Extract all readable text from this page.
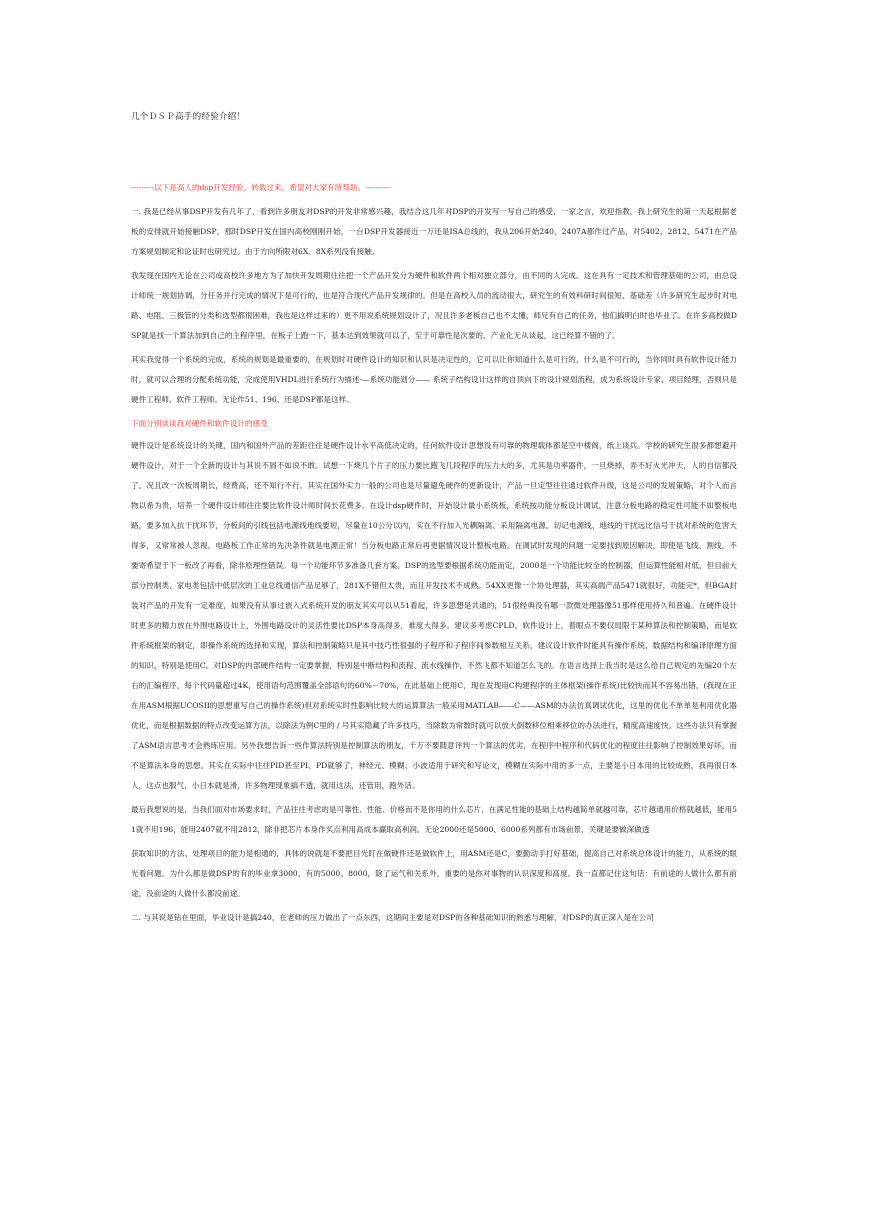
几个ＤＳＰ高手的经验介绍！

---------以下是高人的dsp开发经验，转载过来，希望对大家有所帮助。----------

一. 我是已经从事DSP开发有几年了，看到许多朋友对DSP的开发非常感兴趣，我结合这几年对DSP的开发写一写自己的感受，一家之言，欢迎指教。我上研究生的第一天起根据老板的安排就开始接触DSP，那时DSP开发在国内高校刚刚开始，一台DSP开发器接近一万还是ISA总线的，我从206开始240、2407A都作过产品，对5402、2812、5471在产品方案规划制定和论证时也研究过。由于方向所限对6X、8X系列没有接触。

我发现在国内无论在公司或高校许多地方为了加快开发周期往往把一个产品开发分为硬件和软件两个相对独立部分，由不同的人完成。这在具有一定技术和管理基础的公司，由总设计师统一规划协调，分任务并行完成的情况下是可行的，也是符合现代产品开发规律的。但是在高校人员的流动很大，研究生的有效科研时间很短、基础差（许多研究生起步时对电路、电阻、三极管的分类和选型都很困难，我也是这样过来的）更不用说系统规划设计了，况且许多老板自己也不太懂，师兄有自己的任务，他们搞明白时也毕业了。在许多高校做DSP就是找一个算法加到自己的主程序里，在板子上跑一下，基本达到效果就可以了，至于可靠性是次要的，产业化无从谈起，这已经算不错的了。

其实我觉得一个系统的完成，系统的规划是最重要的，在规划时对硬件设计的知识和认识是决定性的，它可以让你知道什么是可行的，什么是不可行的，当你同时具有软件设计能力时，就可以合理的分配系统功能，完成使用VHDL进行系统行为描述-—系统功能划分—— 系统子结构设计这样的自顶向下的设计规划流程，成为系统设计专家、项目经理，否则只是硬件工程师、软件工程师。无论作51、196、还是DSP都是这样。

下面分别谈谈我对硬件和软件设计的感受

硬件设计是系统设计的关键，国内和国外产品的差距往往是硬件设计水平高低决定的，任何软件设计思想没有可靠的物理载体都是空中楼阁，纸上谈兵。学校的研究生很多都想避开硬件设计，对于一个全新的设计与其说不屑不如说不敢。试想一下烧几个片子的压力要比跑飞几段程序的压力大的多，尤其是功率器件，一旦烧掉，弄不好火光冲天，人的自信都没了。况且改一次板周期长，经费高，还不知行不行。其实在国外实力一般的公司也是尽量避免硬件的更新设计，产品一旦定型往往通过软件升级，这是公司的发展策略，对个人而言物以希为贵，培养一个硬件设计师往往要比软件设计师时间长花费多。在设计dsp硬件时，开始设计最小系统板，系统按功能分板设计调试，注意分板电路的稳定性可能不如整板电路，要多加入抗干扰环节，分板间的引线包括电源线地线要短，尽量在10公分以内，实在不行加入光耦隔离、采用隔离电源。切记电源线、地线的干扰远比信号干扰对系统的危害大得多，又常常被人忽视。电路板工作正常的先决条件就是电源正常！当分板电路正常后再更据情况设计整板电路。在调试时发现的问题一定要找到原因解决，即使是飞线，割线，不要寄希望于下一板改了再看，除非原理性错误。每一个功能环节多准备几套方案。DSP的选型要根据系统功能而定，2000是一个功能比较全的控制器，但运算性能相对低，但目前大部分控制类、家电类包括中低层次的工业总线通信产品足够了，281X不错但太贵，而且开发技术不成熟。54XX更像一个协处理器，其实高端产品5471就很好，功能完*，但BGA封装对产品的开发有一定难度，如果没有从事过嵌入式系统开发的朋友其实可以从51看起，许多思想是共通的，51很经典没有哪一款微处理器像51那样使用持久和普遍。在硬件设计时更多的精力放在外围电路设计上，外围电路设计的灵活性要比DSP本身高得多，难度大得多。建议多考虑CPLD。软件设计上，着眼点不要仅局限于某种算法和控制策略，而是软件系统框架的制定，即操作系统的选择和实现，算法和控制策略只是其中技巧性很强的子程序和子程序间参数相互关系，建议设计软件时能具有操作系统、数据结构和编译原理方面的知识，特别是使用C。对DSP的内部硬件结构一定要掌握，特别是中断结构和流程、流水线操作，不然飞都不知道怎么飞的。在语言选择上我当时是这么给自己规定的先编20个左右的汇编程序，每个代码量超过4K，使用语句范围覆盖全部语句的60%－70%，在此基础上使用C，现在发现用C构建程序的主体框架(操作系统)比较快而其不容易出错，(我现在正在用ASM根据UCOSII的思想重写自己的操作系统)但对系统实时性影响比较大的运算算法一般采用MATLAB——C——ASM的办法仿真调试优化，这里的优化不单单是利用优化器优化，而是根据数据的特点改变运算方法，以除法为例C里的 / 号其实隐藏了许多技巧，当除数为常数时就可以放大倒数移位相乘移位的办法进行，精度高速度快。这些办法只有掌握了ASM语言思考才会熟练应用。另外我想告诉一些作算法特别是控制算法的朋友，千万不要随意评判一个算法的优劣，在程序中程序和代码优化的程度往往影响了控制效果好坏，而不是算法本身的思想。其实在实际中往往PID甚至PI、PD就够了，神经元、模糊、小波适用于研究和写论文，模糊在实际中用的多一点，主要是小日本用的比较成熟，我再很日本人，这点也服气，小日本就是滑，许多物理现象搞不透，就用这法，还管用，跑外话。

最后我想说的是，当我们面对市场要求时，产品往往考虑的是可靠性、性能、价格而不是你用的什么芯片，在满足性能的基础上结构越简单就越可靠，芯片越通用价格就越低，能用51就不用196，能用2407就不用2812，除非把芯片本身作买点利用高成本赢取高利润。无论2000还是5000、6000系列都有市场前景，关键是要做深做透

获取知识的方法、处理项目的能力是相通的，具体的说就是不要把目光盯在做硬件还是做软件上，用ASM还是C，要勤动手打好基础，提高自己对系统总体设计的能力，从系统的眼光看问题。为什么都是做DSP的有的毕业拿3000，有的5000、8000，除了运气和关系外，重要的是你对事物的认识深度和高度。我一直都记住这句话：有前途的人做什么都有前途，没前途的人做什么都没前途。

二. 与其说是钻在里面，毕业设计是搞240，在老师的压力做出了一点东西，这期间主要是对DSP的各种基础知识的熟悉与理解，对DSP的真正深入是在公司
